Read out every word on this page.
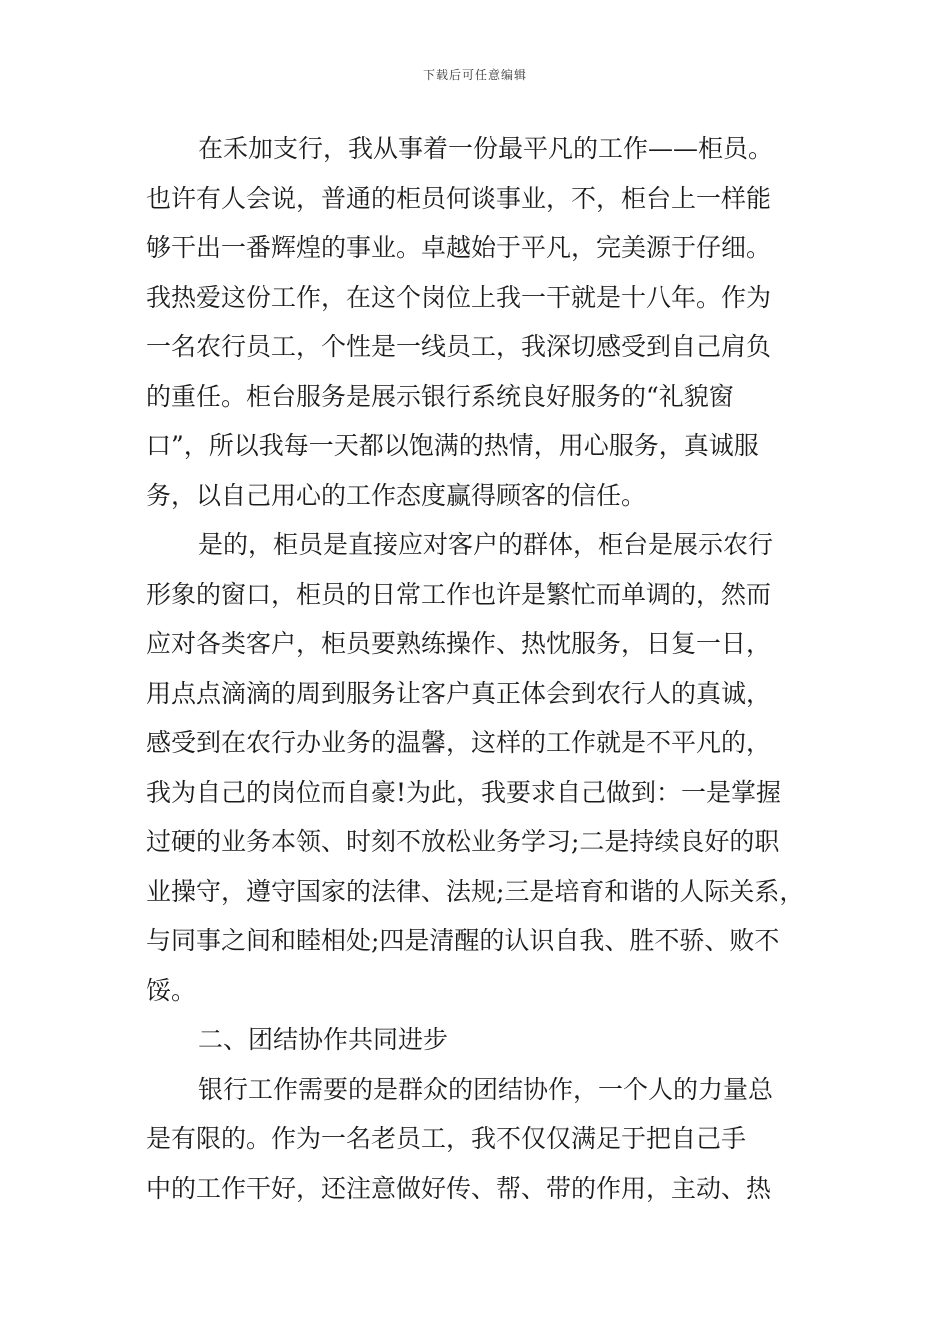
下载后可任意编辑
在禾加支行，我从事着一份最平凡的工作——柜员。
也许有人会说，普通的柜员何谈事业，不，柜台上一样能
够干出一番辉煌的事业。卓越始于平凡，完美源于仔细。
我热爱这份工作，在这个岗位上我一干就是十八年。作为
一名农行员工，个性是一线员工，我深切感受到自己肩负
的重任。柜台服务是展示银行系统良好服务的“礼貌窗
口”，所以我每一天都以饱满的热情，用心服务，真诚服
务，以自己用心的工作态度赢得顾客的信任。
是的，柜员是直接应对客户的群体，柜台是展示农行
形象的窗口，柜员的日常工作也许是繁忙而单调的，然而
应对各类客户，柜员要熟练操作、热忱服务，日复一日，
用点点滴滴的周到服务让客户真正体会到农行人的真诚，
感受到在农行办业务的温馨，这样的工作就是不平凡的，
我为自己的岗位而自豪!为此，我要求自己做到：一是掌握
过硬的业务本领、时刻不放松业务学习;二是持续良好的职
业操守，遵守国家的法律、法规;三是培育和谐的人际关系，
与同事之间和睦相处;四是清醒的认识自我、胜不骄、败不
馁。
二、团结协作共同进步
银行工作需要的是群众的团结协作，一个人的力量总
是有限的。作为一名老员工，我不仅仅满足于把自己手
中的工作干好，还注意做好传、帮、带的作用，主动、热
